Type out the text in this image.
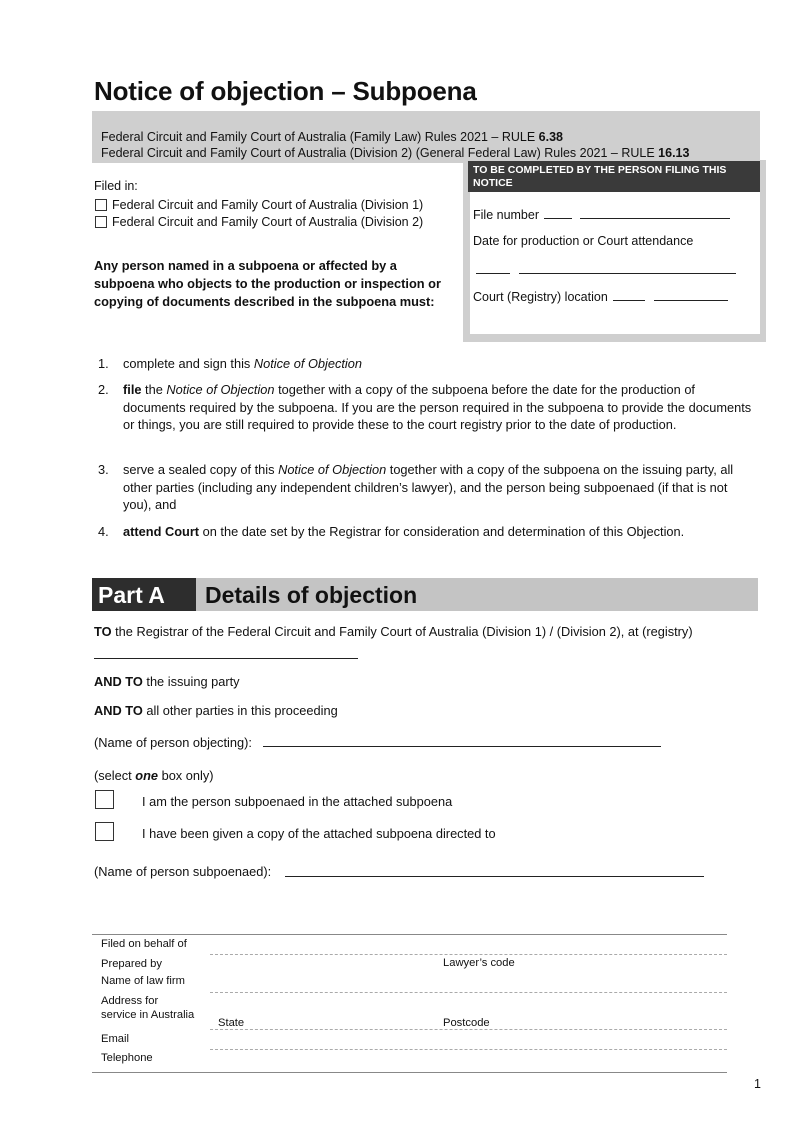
Notice of objection – Subpoena
Federal Circuit and Family Court of Australia (Family Law) Rules 2021 – RULE 6.38
Federal Circuit and Family Court of Australia (Division 2) (General Federal Law) Rules 2021 – RULE 16.13
TO BE COMPLETED BY THE PERSON FILING THIS NOTICE
File number
Date for production or Court attendance

Court (Registry) location
Filed in:
Federal Circuit and Family Court of Australia (Division 1)
Federal Circuit and Family Court of Australia (Division 2)
Any person named in a subpoena or affected by a subpoena who objects to the production or inspection or copying of documents described in the subpoena must:
1. complete and sign this Notice of Objection
2. file the Notice of Objection together with a copy of the subpoena before the date for the production of documents required by the subpoena. If you are the person required in the subpoena to provide the documents or things, you are still required to provide these to the court registry prior to the date of production.
3. serve a sealed copy of this Notice of Objection together with a copy of the subpoena on the issuing party, all other parties (including any independent children’s lawyer), and the person being subpoenaed (if that is not you), and
4. attend Court on the date set by the Registrar for consideration and determination of this Objection.
Part A	Details of objection
TO the Registrar of the Federal Circuit and Family Court of Australia (Division 1) / (Division 2), at (registry)
AND TO the issuing party
AND TO all other parties in this proceeding
(Name of person objecting):
(select one box only)
I am the person subpoenaed in the attached subpoena
I have been given a copy of the attached subpoena directed to
(Name of person subpoenaed):
Filed on behalf of
Prepared by	Lawyer’s code
Name of law firm
Address for
service in Australia
State	Postcode
Email
Telephone
1
